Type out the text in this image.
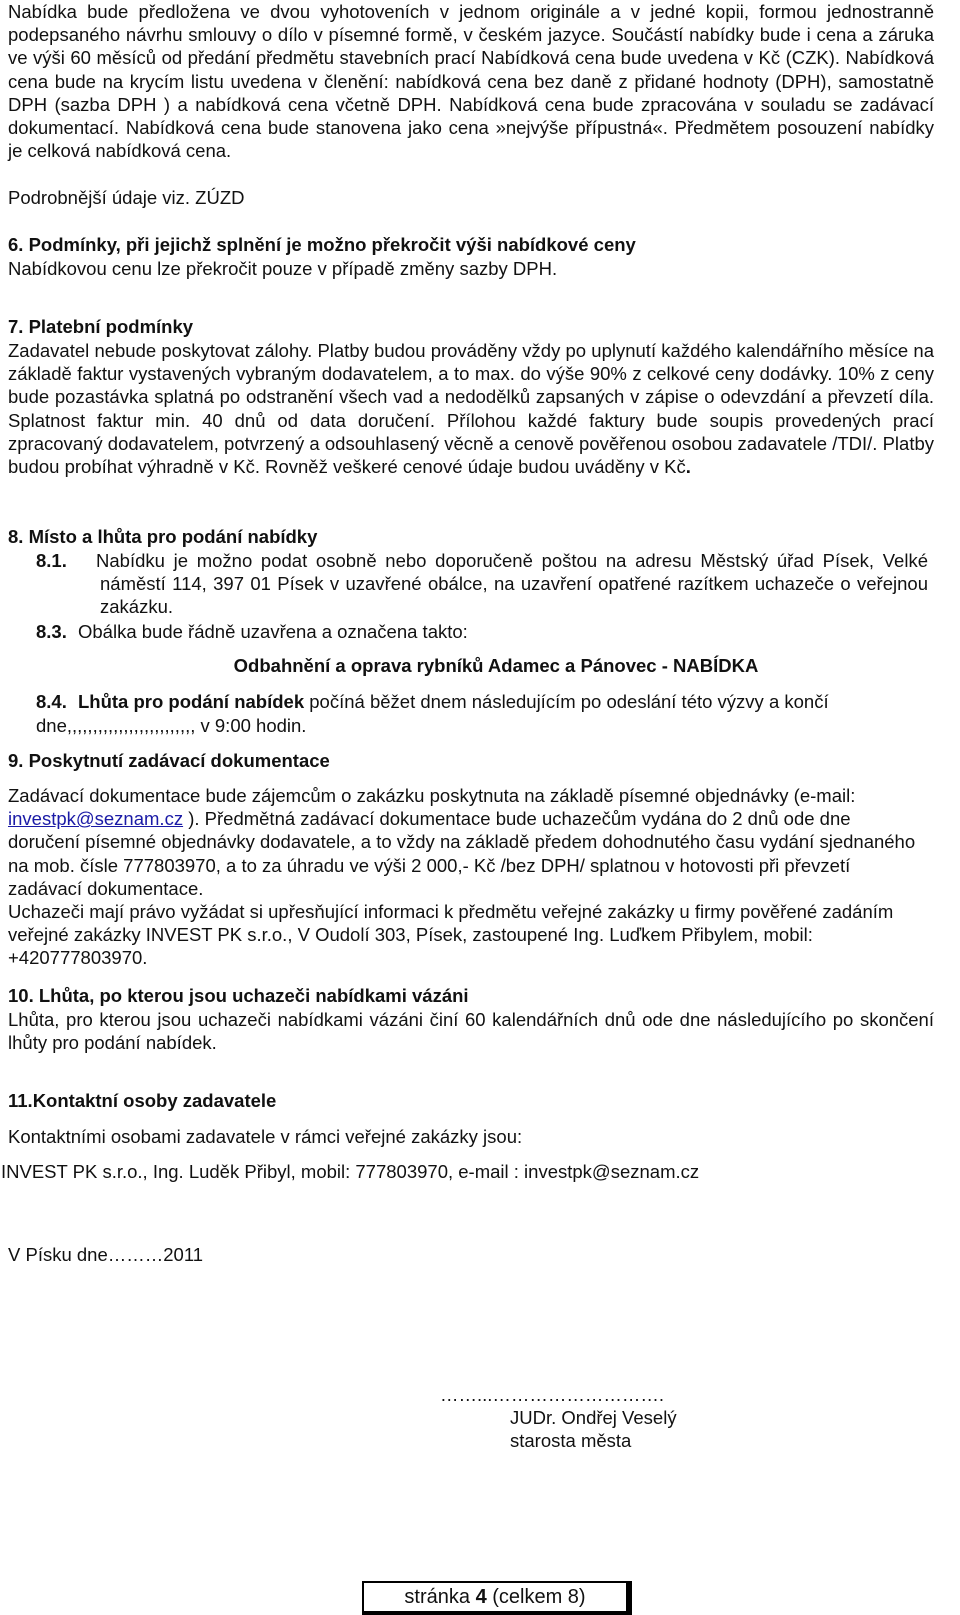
Nabídka bude předložena ve dvou vyhotoveních v jednom originále a v jedné kopii, formou jednostranně podepsaného návrhu smlouvy o dílo v písemné formě, v českém jazyce. Součástí nabídky bude i cena a záruka ve výši 60 měsíců od předání předmětu stavebních prací Nabídková cena bude uvedena v Kč (CZK). Nabídková cena bude na krycím listu uvedena v členění: nabídková cena bez daně z přidané hodnoty (DPH), samostatně DPH (sazba DPH ) a nabídková cena včetně DPH. Nabídková cena bude zpracována v souladu se zadávací dokumentací. Nabídková cena bude stanovena jako cena »nejvýše přípustná«. Předmětem posouzení nabídky je celková nabídková cena.

Podrobnější údaje viz. ZÚZD

6. Podmínky, při jejichž splnění je možno překročit výši nabídkové ceny

Nabídkovou cenu lze překročit pouze v případě změny sazby DPH.

7. Platební podmínky

Zadavatel nebude poskytovat zálohy. Platby budou prováděny vždy po uplynutí každého kalendářního měsíce na základě faktur vystavených vybraným dodavatelem, a to max. do výše 90% z celkové ceny dodávky. 10% z ceny bude pozastávka splatná po odstranění všech vad a nedodělků zapsaných v zápise o odevzdání a převzetí díla. Splatnost faktur min. 40 dnů od data doručení. Přílohou každé faktury bude soupis provedených prací zpracovaný dodavatelem, potvrzený a odsouhlasený věcně a cenově pověřenou osobou zadavatele /TDI/. Platby budou probíhat výhradně v Kč. Rovněž veškeré cenové údaje budou uváděny v Kč.

8. Místo a lhůta pro podání nabídky

8.1. Nabídku je možno podat osobně nebo doporučeně poštou na adresu Městský úřad Písek, Velké náměstí 114, 397 01 Písek v uzavřené obálce, na uzavření opatřené razítkem uchazeče o veřejnou zakázku.

8.3. Obálka bude řádně uzavřena a označena takto:

Odbahnění a oprava rybníků Adamec a Pánovec - NABÍDKA

8.4. Lhůta pro podání nabídek počíná běžet dnem následujícím po odeslání této výzvy a končí
dne,,,,,,,,,,,,,,,,,,,,,,,,, v 9:00 hodin.

9. Poskytnutí zadávací dokumentace

Zadávací dokumentace bude zájemcům o zakázku poskytnuta na základě písemné objednávky (e-mail: investpk@seznam.cz ). Předmětná zadávací dokumentace bude uchazečům vydána do 2 dnů ode dne doručení písemné objednávky dodavatele, a to vždy na základě předem dohodnutého času vydání sjednaného na mob. čísle 777803970, a to za úhradu ve výši 2 000,- Kč /bez DPH/ splatnou v hotovosti při převzetí zadávací dokumentace.

Uchazeči mají právo vyžádat si upřesňující informaci k předmětu veřejné zakázky u firmy pověřené zadáním veřejné zakázky INVEST PK s.r.o., V Oudolí 303, Písek, zastoupené Ing. Luďkem Přibylem, mobil: +420777803970.

10. Lhůta, po kterou jsou uchazeči nabídkami vázáni

Lhůta, pro kterou jsou uchazeči nabídkami vázáni činí 60 kalendářních dnů ode dne následujícího po skončení lhůty pro podání nabídek.

11.Kontaktní osoby zadavatele

Kontaktními osobami zadavatele v rámci veřejné zakázky jsou:

INVEST PK s.r.o., Ing. Luděk Přibyl, mobil: 777803970, e-mail : investpk@seznam.cz

V Písku dne………2011

……...……………………….

JUDr. Ondřej Veselý

starosta města

stránka 4 (celkem 8)
